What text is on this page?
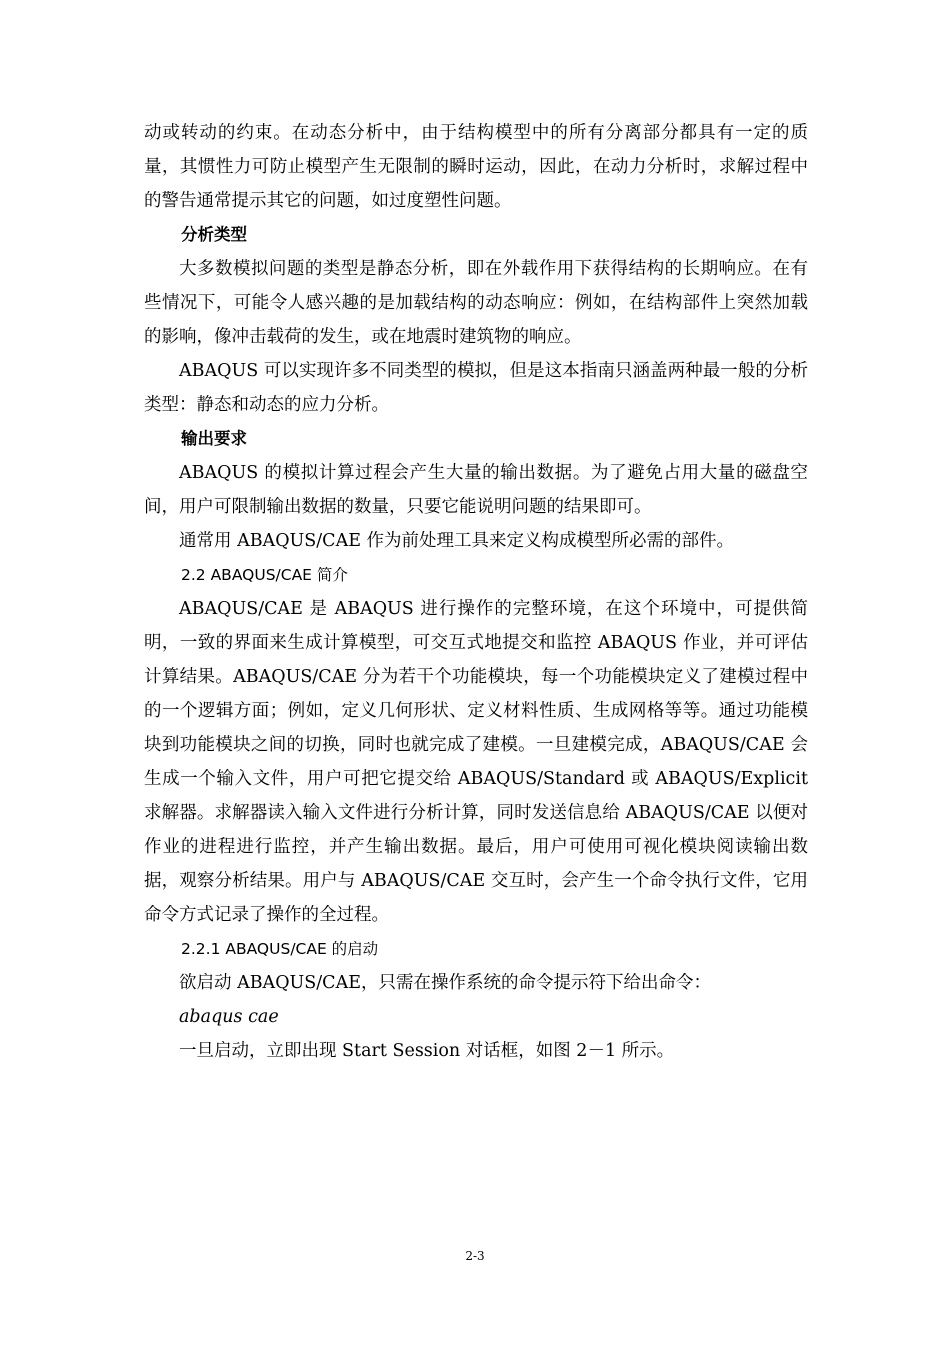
动或转动的约束。在动态分析中，由于结构模型中的所有分离部分都具有一定的质量，其惯性力可防止模型产生无限制的瞬时运动，因此，在动力分析时，求解过程中的警告通常提示其它的问题，如过度塑性问题。

分析类型

大多数模拟问题的类型是静态分析，即在外载作用下获得结构的长期响应。在有些情况下，可能令人感兴趣的是加载结构的动态响应：例如，在结构部件上突然加载的影响，像冲击载荷的发生，或在地震时建筑物的响应。

ABAQUS 可以实现许多不同类型的模拟，但是这本指南只涵盖两种最一般的分析类型：静态和动态的应力分析。

输出要求

ABAQUS 的模拟计算过程会产生大量的输出数据。为了避免占用大量的磁盘空间，用户可限制输出数据的数量，只要它能说明问题的结果即可。

通常用 ABAQUS/CAE 作为前处理工具来定义构成模型所必需的部件。

2.2 ABAQUS/CAE 简介

ABAQUS/CAE 是 ABAQUS 进行操作的完整环境，在这个环境中，可提供简明，一致的界面来生成计算模型，可交互式地提交和监控 ABAQUS 作业，并可评估计算结果。ABAQUS/CAE 分为若干个功能模块，每一个功能模块定义了建模过程中的一个逻辑方面；例如，定义几何形状、定义材料性质、生成网格等等。通过功能模块到功能模块之间的切换，同时也就完成了建模。一旦建模完成，ABAQUS/CAE 会生成一个输入文件，用户可把它提交给 ABAQUS/Standard 或 ABAQUS/Explicit 求解器。求解器读入输入文件进行分析计算，同时发送信息给 ABAQUS/CAE 以便对作业的进程进行监控，并产生输出数据。最后，用户可使用可视化模块阅读输出数据，观察分析结果。用户与 ABAQUS/CAE 交互时，会产生一个命令执行文件，它用命令方式记录了操作的全过程。

2.2.1 ABAQUS/CAE 的启动

欲启动 ABAQUS/CAE，只需在操作系统的命令提示符下给出命令：

abaqus cae

一旦启动，立即出现 Start Session 对话框，如图 2－1 所示。

2-3
